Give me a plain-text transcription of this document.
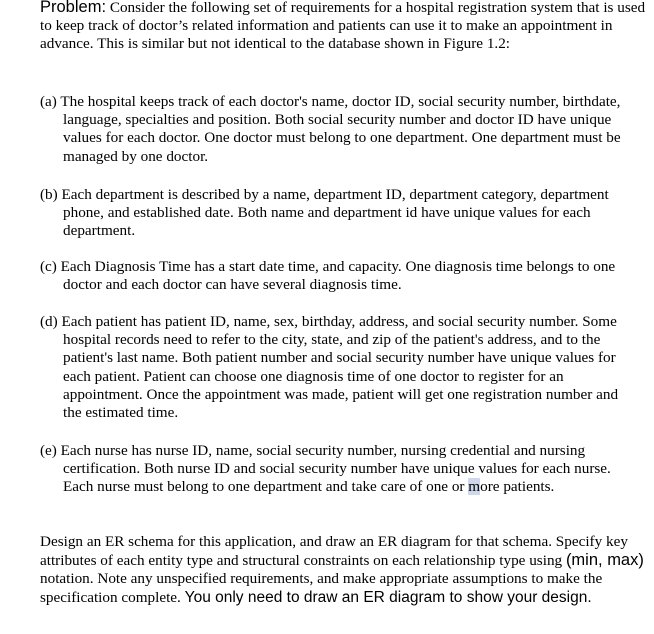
Problem: Consider the following set of requirements for a hospital registration system that is used to keep track of doctor’s related information and patients can use it to make an appointment in advance. This is similar but not identical to the database shown in Figure 1.2:

(a) The hospital keeps track of each doctor's name, doctor ID, social security number, birthdate, language, specialties and position. Both social security number and doctor ID have unique values for each doctor. One doctor must belong to one department. One department must be managed by one doctor.

(b) Each department is described by a name, department ID, department category, department phone, and established date. Both name and department id have unique values for each department.

(c) Each Diagnosis Time has a start date time, and capacity. One diagnosis time belongs to one doctor and each doctor can have several diagnosis time.

(d) Each patient has patient ID, name, sex, birthday, address, and social security number. Some hospital records need to refer to the city, state, and zip of the patient's address, and to the patient's last name. Both patient number and social security number have unique values for each patient. Patient can choose one diagnosis time of one doctor to register for an appointment. Once the appointment was made, patient will get one registration number and the estimated time.

(e) Each nurse has nurse ID, name, social security number, nursing credential and nursing certification. Both nurse ID and social security number have unique values for each nurse. Each nurse must belong to one department and take care of one or more patients.

Design an ER schema for this application, and draw an ER diagram for that schema. Specify key attributes of each entity type and structural constraints on each relationship type using (min, max) notation. Note any unspecified requirements, and make appropriate assumptions to make the specification complete. You only need to draw an ER diagram to show your design.
